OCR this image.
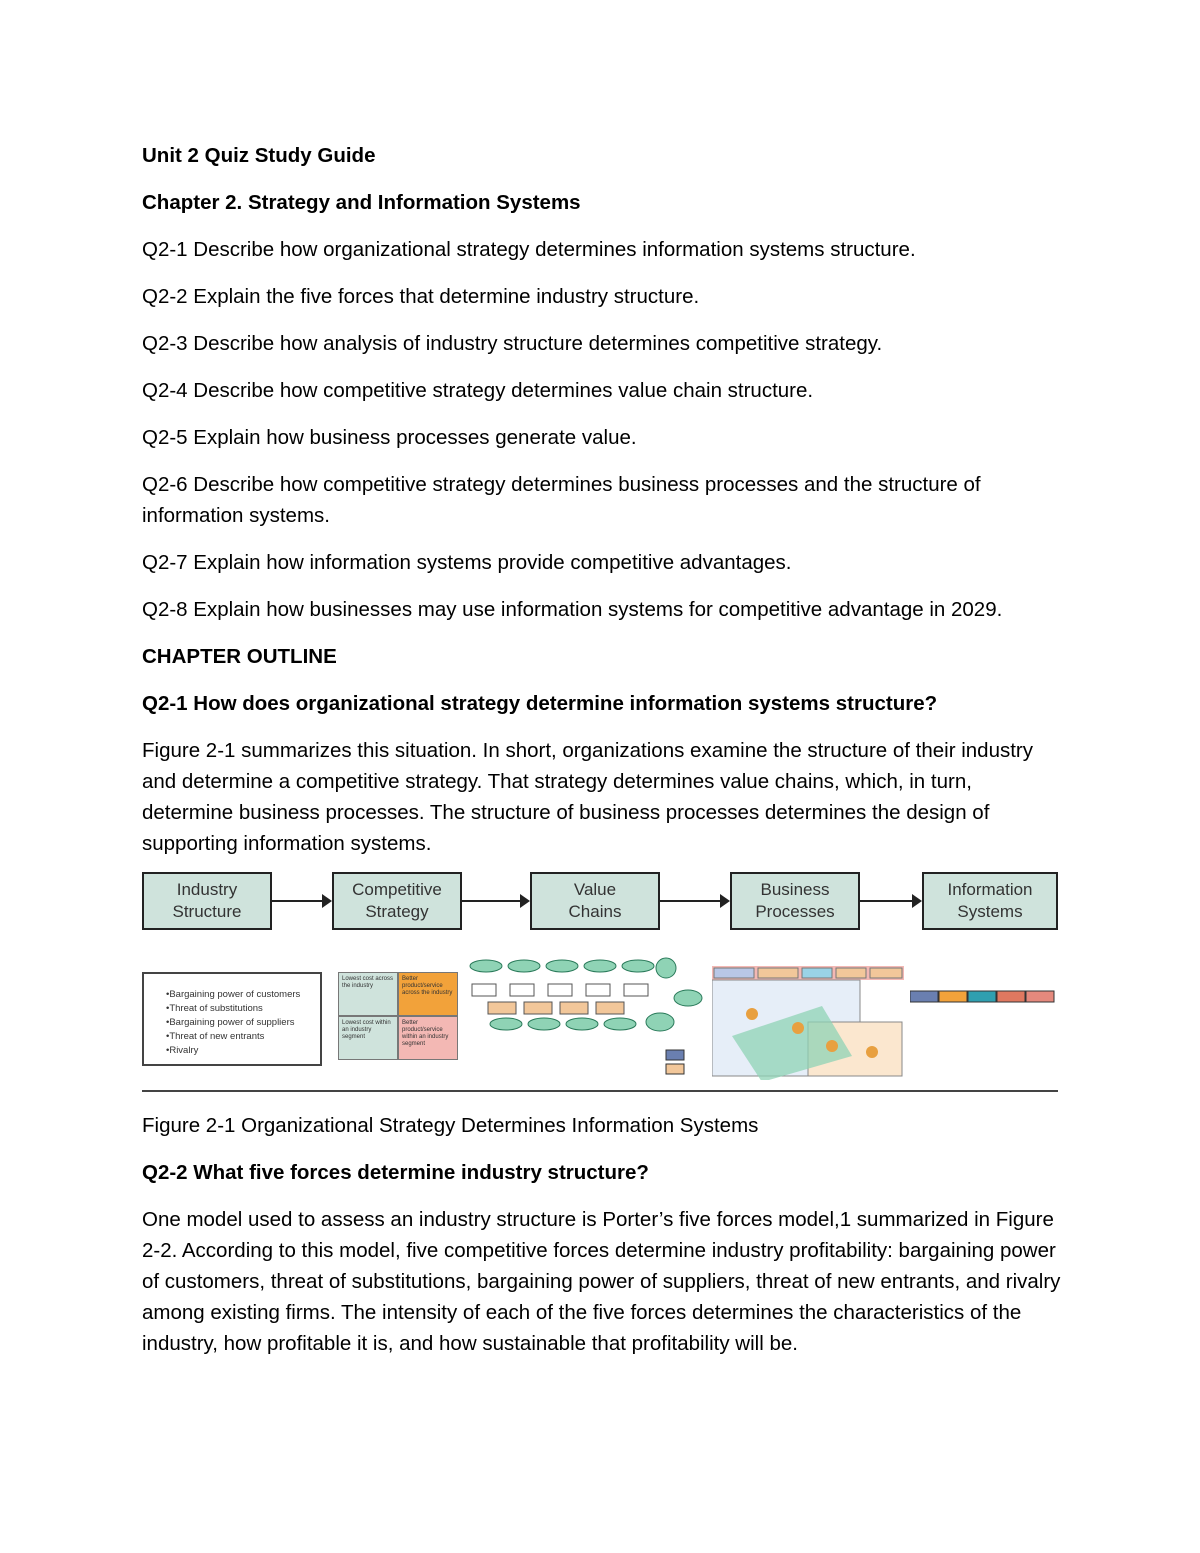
Unit 2 Quiz Study Guide

Chapter 2. Strategy and Information Systems

Q2-1 Describe how organizational strategy determines information systems structure.

Q2-2 Explain the five forces that determine industry structure.

Q2-3 Describe how analysis of industry structure determines competitive strategy.

Q2-4 Describe how competitive strategy determines value chain structure.

Q2-5 Explain how business processes generate value.

Q2-6 Describe how competitive strategy determines business processes and the structure of information systems.

Q2-7 Explain how information systems provide competitive advantages.

Q2-8 Explain how businesses may use information systems for competitive advantage in 2029.

CHAPTER OUTLINE

Q2-1 How does organizational strategy determine information systems structure?

Figure 2-1 summarizes this situation. In short, organizations examine the structure of their industry and determine a competitive strategy. That strategy determines value chains, which, in turn, determine business processes. The structure of business processes determines the design of supporting information systems.

Industry
Structure
Competitive
Strategy
Value
Chains
Business
Processes
Information
Systems
• Bargaining power of customers
• Threat of substitutions
• Bargaining power of suppliers
• Threat of new entrants
• Rivalry
Lowest cost across the industry
Better product/service across the industry
Lowest cost within an industry segment
Better product/service within an industry segment

Figure 2-1 Organizational Strategy Determines Information Systems

Q2-2 What five forces determine industry structure?

One model used to assess an industry structure is Porter’s five forces model,1 summarized in Figure 2-2. According to this model, five competitive forces determine industry profitability: bargaining power of customers, threat of substitutions, bargaining power of suppliers, threat of new entrants, and rivalry among existing firms. The intensity of each of the five forces determines the characteristics of the industry, how profitable it is, and how sustainable that profitability will be.
